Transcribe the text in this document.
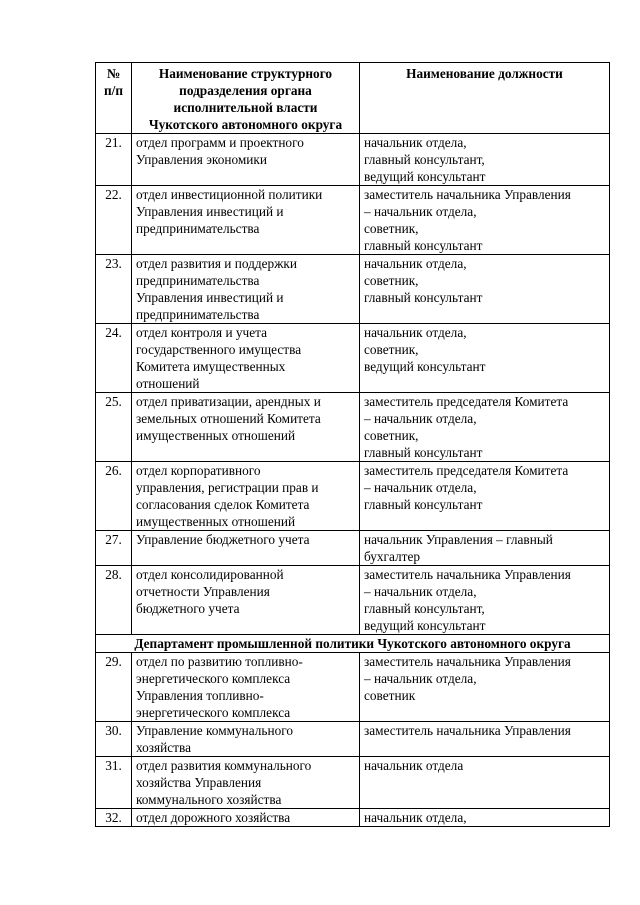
№
п/п	Наименование структурного
подразделения органа
исполнительной власти
Чукотского автономного округа	Наименование должности

21.	отдел программ и проектного
Управления экономики	начальник отдела,
главный консультант,
ведущий консультант

22.	отдел инвестиционной политики
Управления инвестиций и
предпринимательства	заместитель начальника Управления
– начальник отдела,
советник,
главный консультант

23.	отдел развития и поддержки
предпринимательства
Управления инвестиций и
предпринимательства	начальник отдела,
советник,
главный консультант

24.	отдел контроля и учета
государственного имущества
Комитета имущественных
отношений	начальник отдела,
советник,
ведущий консультант

25.	отдел приватизации, арендных и
земельных отношений Комитета
имущественных отношений	заместитель председателя Комитета
– начальник отдела,
советник,
главный консультант

26.	отдел корпоративного
управления, регистрации прав и
согласования сделок Комитета
имущественных отношений	заместитель председателя Комитета
– начальник отдела,
главный консультант

27.	Управление бюджетного учета	начальник Управления – главный
бухгалтер

28.	отдел консолидированной
отчетности Управления
бюджетного учета	заместитель начальника Управления
– начальник отдела,
главный консультант,
ведущий консультант

Департамент промышленной политики Чукотского автономного округа		
29.	отдел по развитию топливно-
энергетического комплекса
Управления топливно-
энергетического комплекса	заместитель начальника Управления
– начальник отдела,
советник

30.	Управление коммунального
хозяйства	заместитель начальника Управления

31.	отдел развития коммунального
хозяйства Управления
коммунального хозяйства	начальник отдела

32.	отдел дорожного хозяйства	начальник отдела,
